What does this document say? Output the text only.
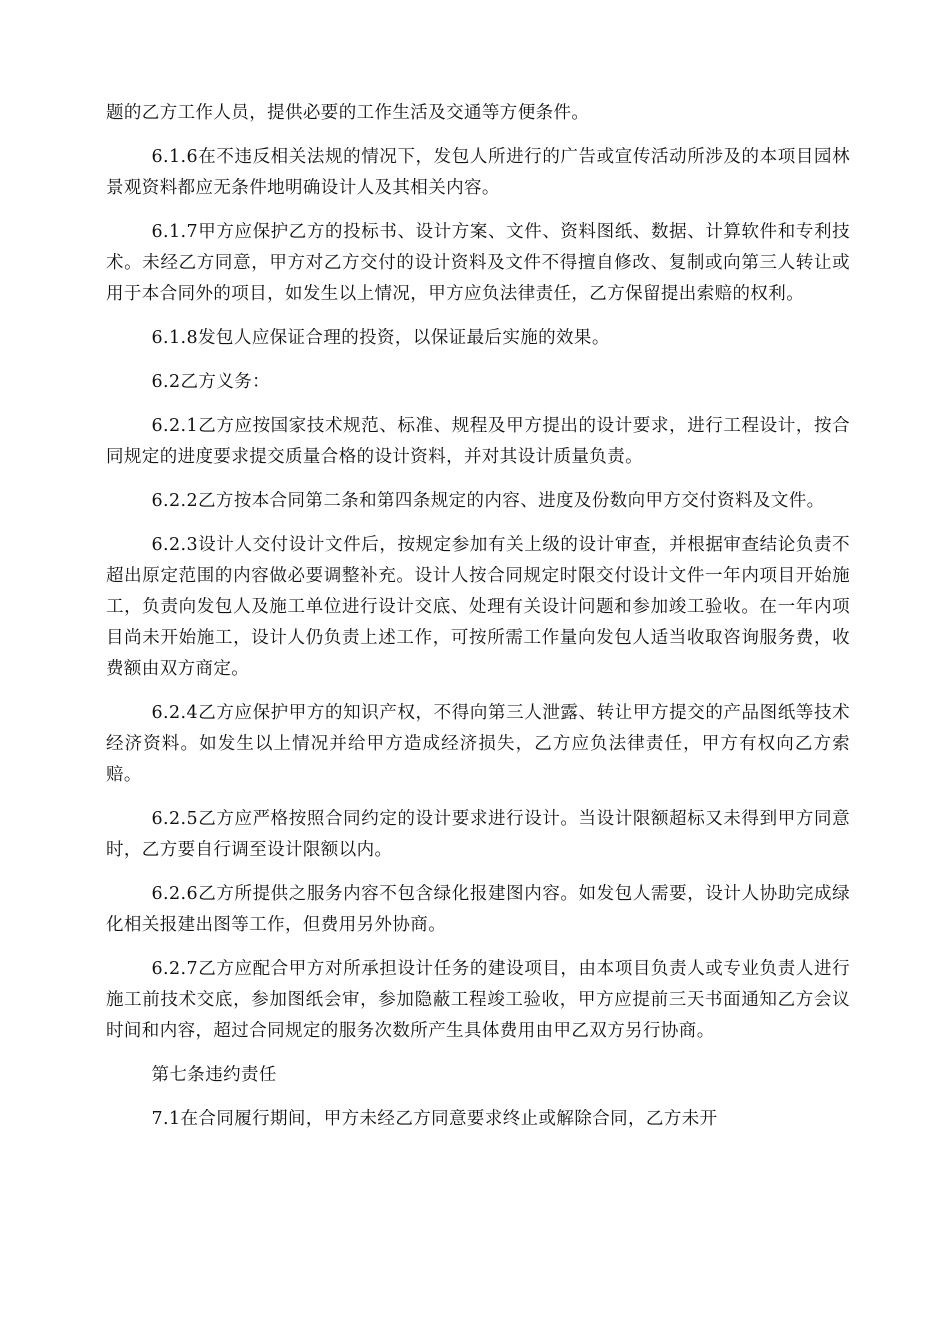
题的乙方工作人员，提供必要的工作生活及交通等方便条件。

6.1.6在不违反相关法规的情况下，发包人所进行的广告或宣传活动所涉及的本项目园林景观资料都应无条件地明确设计人及其相关内容。

6.1.7甲方应保护乙方的投标书、设计方案、文件、资料图纸、数据、计算软件和专利技术。未经乙方同意，甲方对乙方交付的设计资料及文件不得擅自修改、复制或向第三人转让或用于本合同外的项目，如发生以上情况，甲方应负法律责任，乙方保留提出索赔的权利。

6.1.8发包人应保证合理的投资，以保证最后实施的效果。

6.2乙方义务：

6.2.1乙方应按国家技术规范、标准、规程及甲方提出的设计要求，进行工程设计，按合同规定的进度要求提交质量合格的设计资料，并对其设计质量负责。

6.2.2乙方按本合同第二条和第四条规定的内容、进度及份数向甲方交付资料及文件。

6.2.3设计人交付设计文件后，按规定参加有关上级的设计审查，并根据审查结论负责不超出原定范围的内容做必要调整补充。设计人按合同规定时限交付设计文件一年内项目开始施工，负责向发包人及施工单位进行设计交底、处理有关设计问题和参加竣工验收。在一年内项目尚未开始施工，设计人仍负责上述工作，可按所需工作量向发包人适当收取咨询服务费，收费额由双方商定。

6.2.4乙方应保护甲方的知识产权，不得向第三人泄露、转让甲方提交的产品图纸等技术经济资料。如发生以上情况并给甲方造成经济损失，乙方应负法律责任，甲方有权向乙方索赔。

6.2.5乙方应严格按照合同约定的设计要求进行设计。当设计限额超标又未得到甲方同意时，乙方要自行调至设计限额以内。

6.2.6乙方所提供之服务内容不包含绿化报建图内容。如发包人需要，设计人协助完成绿化相关报建出图等工作，但费用另外协商。

6.2.7乙方应配合甲方对所承担设计任务的建设项目，由本项目负责人或专业负责人进行施工前技术交底，参加图纸会审，参加隐蔽工程竣工验收，甲方应提前三天书面通知乙方会议时间和内容，超过合同规定的服务次数所产生具体费用由甲乙双方另行协商。

第七条违约责任

7.1在合同履行期间，甲方未经乙方同意要求终止或解除合同，乙方未开
